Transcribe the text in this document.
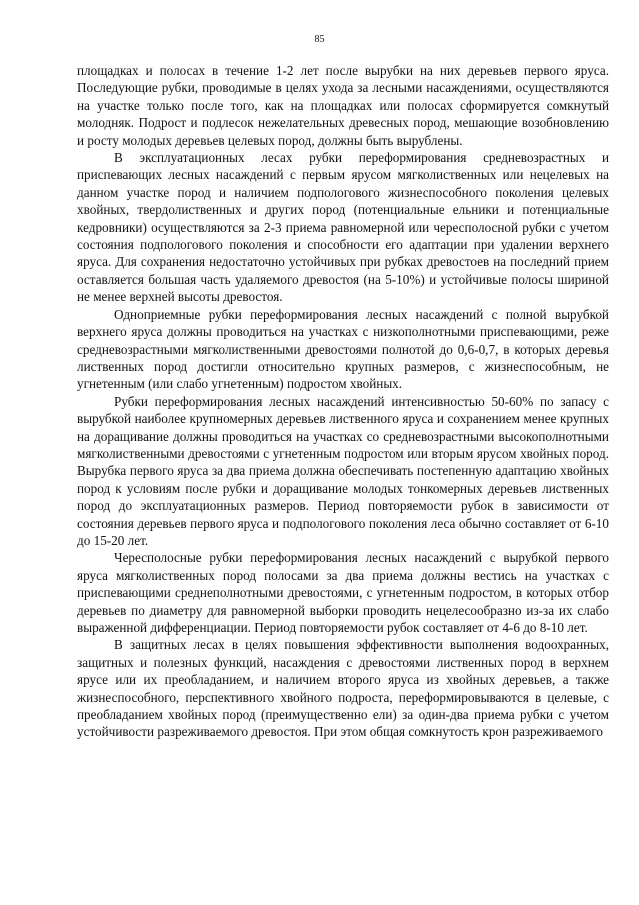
85

площадках и полосах в течение 1-2 лет после вырубки на них деревьев первого яруса. Последующие рубки, проводимые в целях ухода за лесными насаждениями, осуществляются на участке только после того, как на площадках или полосах сформируется сомкнутый молодняк. Подрост и подлесок нежелательных древесных пород, мешающие возобновлению и росту молодых деревьев целевых пород, должны быть вырублены.

В эксплуатационных лесах рубки переформирования средневозрастных и приспевающих лесных насаждений с первым ярусом мягколиственных или нецелевых на данном участке пород и наличием подпологового жизнеспособного поколения целевых хвойных, твердолиственных и других пород (потенциальные ельники и потенциальные кедровники) осуществляются за 2-3 приема равномерной или чересполосной рубки с учетом состояния подпологового поколения и способности его адаптации при удалении верхнего яруса. Для сохранения недостаточно устойчивых при рубках древостоев на последний прием оставляется большая часть удаляемого древостоя (на 5-10%) и устойчивые полосы шириной не менее верхней высоты древостоя.

Одноприемные рубки переформирования лесных насаждений с полной вырубкой верхнего яруса должны проводиться на участках с низкополнотными приспевающими, реже средневозрастными мягколиственными древостоями полнотой до 0,6-0,7, в которых деревья лиственных пород достигли относительно крупных размеров, с жизнеспособным, не угнетенным (или слабо угнетенным) подростом хвойных.

Рубки переформирования лесных насаждений интенсивностью 50-60% по запасу с вырубкой наиболее крупномерных деревьев лиственного яруса и сохранением менее крупных на доращивание должны проводиться на участках со средневозрастными высокополнотными мягколиственными древостоями с угнетенным подростом или вторым ярусом хвойных пород. Вырубка первого яруса за два приема должна обеспечивать постепенную адаптацию хвойных пород к условиям после рубки и доращивание молодых тонкомерных деревьев лиственных пород до эксплуатационных размеров. Период повторяемости рубок в зависимости от состояния деревьев первого яруса и подпологового поколения леса обычно составляет от 6-10 до 15-20 лет.

Чересполосные рубки переформирования лесных насаждений с вырубкой первого яруса мягколиственных пород полосами за два приема должны вестись на участках с приспевающими среднеполнотными древостоями, с угнетенным подростом, в которых отбор деревьев по диаметру для равномерной выборки проводить нецелесообразно из-за их слабо выраженной дифференциации. Период повторяемости рубок составляет от 4-6 до 8-10 лет.

В защитных лесах в целях повышения эффективности выполнения водоохранных, защитных и полезных функций, насаждения с древостоями лиственных пород в верхнем ярусе или их преобладанием, и наличием второго яруса из хвойных деревьев, а также жизнеспособного, перспективного хвойного подроста, переформировываются в целевые, с преобладанием хвойных пород (преимущественно ели) за один-два приема рубки с учетом устойчивости разреживаемого древостоя. При этом общая сомкнутость крон разреживаемого
